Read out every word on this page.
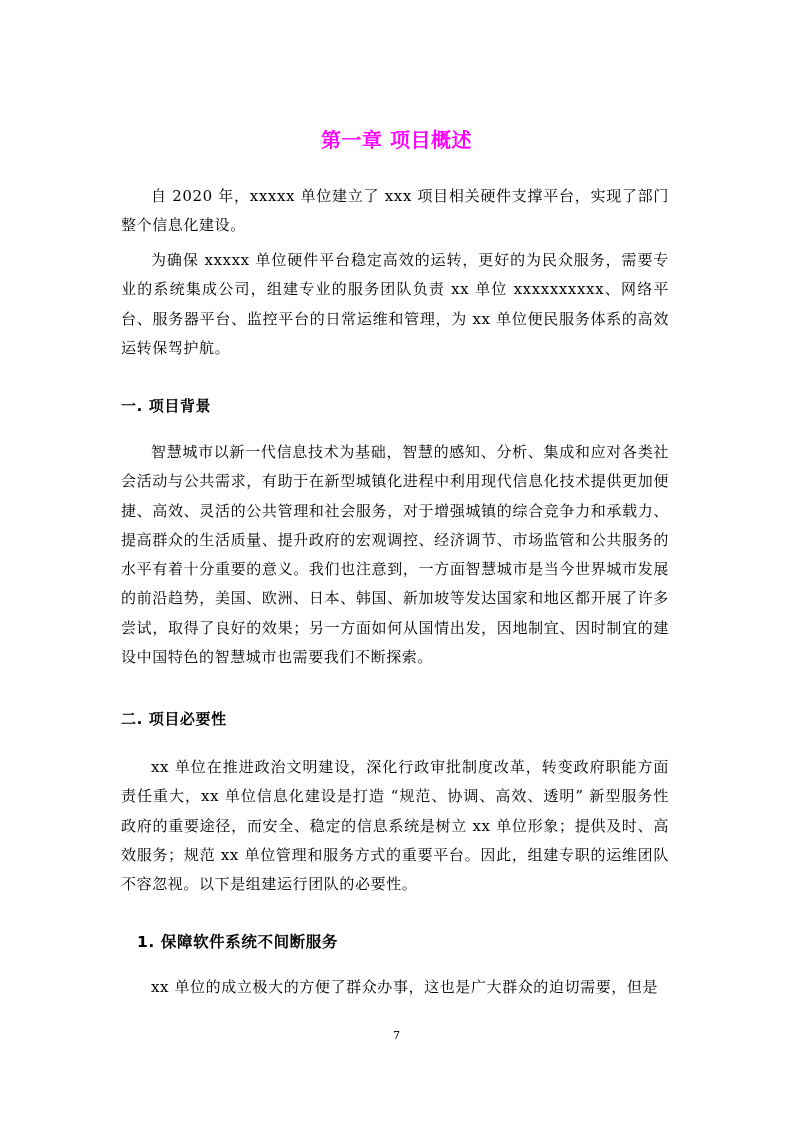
第一章 项目概述

自 2020 年，xxxxx 单位建立了 xxx 项目相关硬件支撑平台，实现了部门整个信息化建设。

为确保 xxxxx 单位硬件平台稳定高效的运转，更好的为民众服务，需要专业的系统集成公司，组建专业的服务团队负责 xx 单位 xxxxxxxxxx、网络平台、服务器平台、监控平台的日常运维和管理，为 xx 单位便民服务体系的高效运转保驾护航。

一. 项目背景

智慧城市以新一代信息技术为基础，智慧的感知、分析、集成和应对各类社会活动与公共需求，有助于在新型城镇化进程中利用现代信息化技术提供更加便捷、高效、灵活的公共管理和社会服务，对于增强城镇的综合竞争力和承载力、提高群众的生活质量、提升政府的宏观调控、经济调节、市场监管和公共服务的水平有着十分重要的意义。我们也注意到，一方面智慧城市是当今世界城市发展的前沿趋势，美国、欧洲、日本、韩国、新加坡等发达国家和地区都开展了许多尝试，取得了良好的效果；另一方面如何从国情出发，因地制宜、因时制宜的建设中国特色的智慧城市也需要我们不断探索。

二. 项目必要性

xx 单位在推进政治文明建设，深化行政审批制度改革，转变政府职能方面责任重大，xx 单位信息化建设是打造 “规范、协调、高效、透明” 新型服务性政府的重要途径，而安全、稳定的信息系统是树立 xx 单位形象；提供及时、高效服务；规范 xx 单位管理和服务方式的重要平台。因此，组建专职的运维团队不容忽视。以下是组建运行团队的必要性。

1. 保障软件系统不间断服务

xx 单位的成立极大的方便了群众办事，这也是广大群众的迫切需要，但是

7
